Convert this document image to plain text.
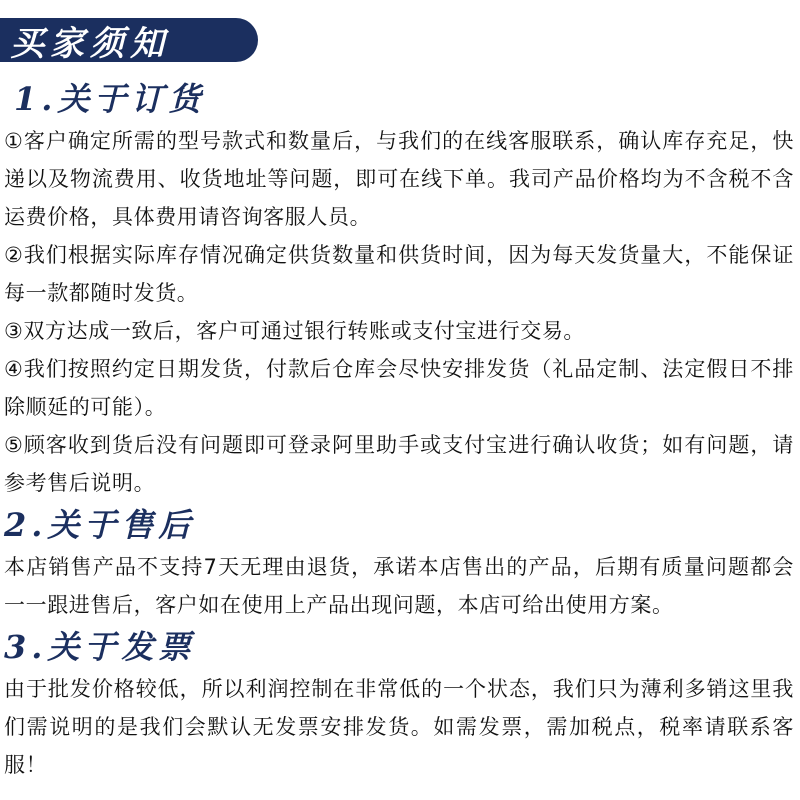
买家须知
1.关于订货

①客户确定所需的型号款式和数量后，与我们的在线客服联系，确认库存充足，快递以及物流费用、收货地址等问题，即可在线下单。我司产品价格均为不含税不含运费价格，具体费用请咨询客服人员。

②我们根据实际库存情况确定供货数量和供货时间，因为每天发货量大，不能保证每一款都随时发货。

③双方达成一致后，客户可通过银行转账或支付宝进行交易。

④我们按照约定日期发货，付款后仓库会尽快安排发货（礼品定制、法定假日不排除顺延的可能）。

⑤顾客收到货后没有问题即可登录阿里助手或支付宝进行确认收货；如有问题，请参考售后说明。

2.关于售后

本店销售产品不支持7天无理由退货，承诺本店售出的产品，后期有质量问题都会一一跟进售后，客户如在使用上产品出现问题，本店可给出使用方案。

3.关于发票

由于批发价格较低，所以利润控制在非常低的一个状态，我们只为薄利多销这里我们需说明的是我们会默认无发票安排发货。如需发票，需加税点，税率请联系客服！
